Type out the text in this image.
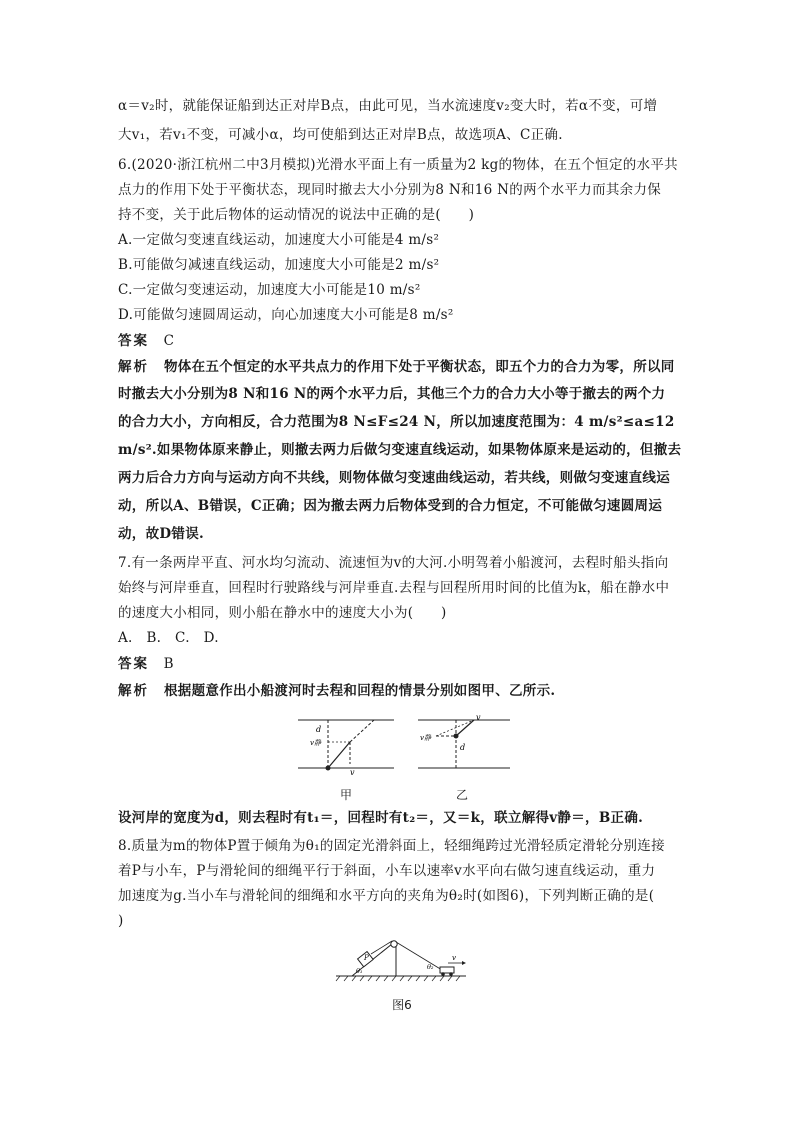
α＝v₂时，就能保证船到达正对岸B点，由此可见，当水流速度v₂变大时，若α不变，可增
大v₁，若v₁不变，可减小α，均可使船到达正对岸B点，故选项A、C正确.
6.(2020·浙江杭州二中3月模拟)光滑水平面上有一质量为2 kg的物体，在五个恒定的水平共
点力的作用下处于平衡状态，现同时撤去大小分别为8 N和16 N的两个水平力而其余力保
持不变，关于此后物体的运动情况的说法中正确的是(　　)
A.一定做匀变速直线运动，加速度大小可能是4 m/s²
B.可能做匀减速直线运动，加速度大小可能是2 m/s²
C.一定做匀变速运动，加速度大小可能是10 m/s²
D.可能做匀速圆周运动，向心加速度大小可能是8 m/s²
答案 C
解析 物体在五个恒定的水平共点力的作用下处于平衡状态，即五个力的合力为零，所以同
时撤去大小分别为8 N和16 N的两个水平力后，其他三个力的合力大小等于撤去的两个力
的合力大小，方向相反，合力范围为8 N≤F≤24 N，所以加速度范围为：4 m/s²≤a≤12
m/s².如果物体原来静止，则撤去两力后做匀变速直线运动，如果物体原来是运动的，但撤去
两力后合力方向与运动方向不共线，则物体做匀变速曲线运动，若共线，则做匀变速直线运
动，所以A、B错误，C正确；因为撤去两力后物体受到的合力恒定，不可能做匀速圆周运
动，故D错误.
7.有一条两岸平直、河水均匀流动、流速恒为v的大河.小明驾着小船渡河，去程时船头指向
始终与河岸垂直，回程时行驶路线与河岸垂直.去程与回程所用时间的比值为k，船在静水中
的速度大小相同，则小船在静水中的速度大小为(　　)
A.　B.　C.　D.
答案 B
解析 根据题意作出小船渡河时去程和回程的情景分别如图甲、乙所示.
d
v静
v
甲
v
v静
d
乙
设河岸的宽度为d，则去程时有t₁＝，回程时有t₂＝，又＝k，联立解得v静＝，B正确.
8.质量为m的物体P置于倾角为θ₁的固定光滑斜面上，轻细绳跨过光滑轻质定滑轮分别连接
着P与小车，P与滑轮间的细绳平行于斜面，小车以速率v水平向右做匀速直线运动，重力
加速度为g.当小车与滑轮间的细绳和水平方向的夹角为θ₂时(如图6)，下列判断正确的是(
)
P	v
θ₁	θ₂
图6
